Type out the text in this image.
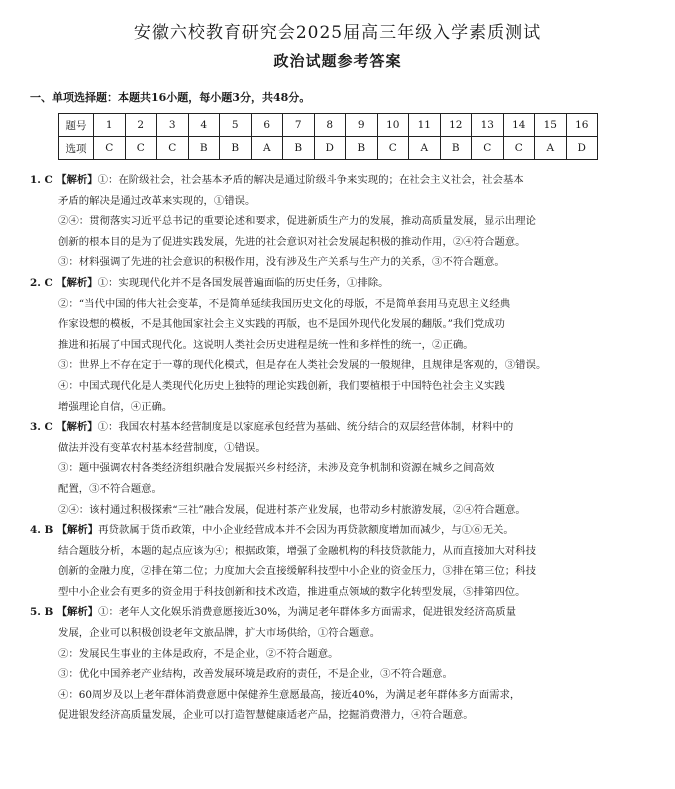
安徽六校教育研究会2025届高三年级入学素质测试
政治试题参考答案
一、单项选择题：本题共16小题，每小题3分，共48分。
题号	1	2	3	4	5	6	7	8	9	10	11	12	13	14	15	16
选项	C	C	C	B	B	A	B	D	B	C	A	B	C	C	A	D

1. C 【解析】①：在阶级社会，社会基本矛盾的解决是通过阶级斗争来实现的；在社会主义社会，社会基本

矛盾的解决是通过改革来实现的，①错误。

②④：贯彻落实习近平总书记的重要论述和要求，促进新质生产力的发展，推动高质量发展，显示出理论

创新的根本目的是为了促进实践发展，先进的社会意识对社会发展起积极的推动作用，②④符合题意。

③：材料强调了先进的社会意识的积极作用，没有涉及生产关系与生产力的关系，③不符合题意。

2. C 【解析】①：实现现代化并不是各国发展普遍面临的历史任务，①排除。

②：“当代中国的伟大社会变革，不是简单延续我国历史文化的母版，不是简单套用马克思主义经典

作家设想的模板，不是其他国家社会主义实践的再版，也不是国外现代化发展的翻版。”我们党成功

推进和拓展了中国式现代化。这说明人类社会历史进程是统一性和多样性的统一，②正确。

③：世界上不存在定于一尊的现代化模式，但是存在人类社会发展的一般规律，且规律是客观的，③错误。

④：中国式现代化是人类现代化历史上独特的理论实践创新，我们要植根于中国特色社会主义实践

增强理论自信，④正确。

3. C 【解析】①：我国农村基本经营制度是以家庭承包经营为基础、统分结合的双层经营体制，材料中的

做法并没有变革农村基本经营制度，①错误。

③：题中强调农村各类经济组织融合发展振兴乡村经济，未涉及竞争机制和资源在城乡之间高效

配置，③不符合题意。

②④：该村通过积极探索“三社”融合发展，促进村茶产业发展，也带动乡村旅游发展，②④符合题意。

4. B 【解析】再贷款属于货币政策，中小企业经营成本并不会因为再贷款额度增加而减少，与①⑥无关。

结合题肢分析，本题的起点应该为④；根据政策，增强了金融机构的科技贷款能力，从而直接加大对科技

创新的金融力度，②排在第二位；力度加大会直接缓解科技型中小企业的资金压力，③排在第三位；科技

型中小企业会有更多的资金用于科技创新和技术改造，推进重点领域的数字化转型发展，⑤排第四位。

5. B 【解析】①：老年人文化娱乐消费意愿接近30%，为满足老年群体多方面需求，促进银发经济高质量

发展，企业可以积极创设老年文旅品牌，扩大市场供给，①符合题意。

②：发展民生事业的主体是政府，不是企业，②不符合题意。

③：优化中国养老产业结构，改善发展环境是政府的责任，不是企业，③不符合题意。

④：60周岁及以上老年群体消费意愿中保健养生意愿最高，接近40%，为满足老年群体多方面需求，

促进银发经济高质量发展，企业可以打造智慧健康适老产品，挖掘消费潜力，④符合题意。
